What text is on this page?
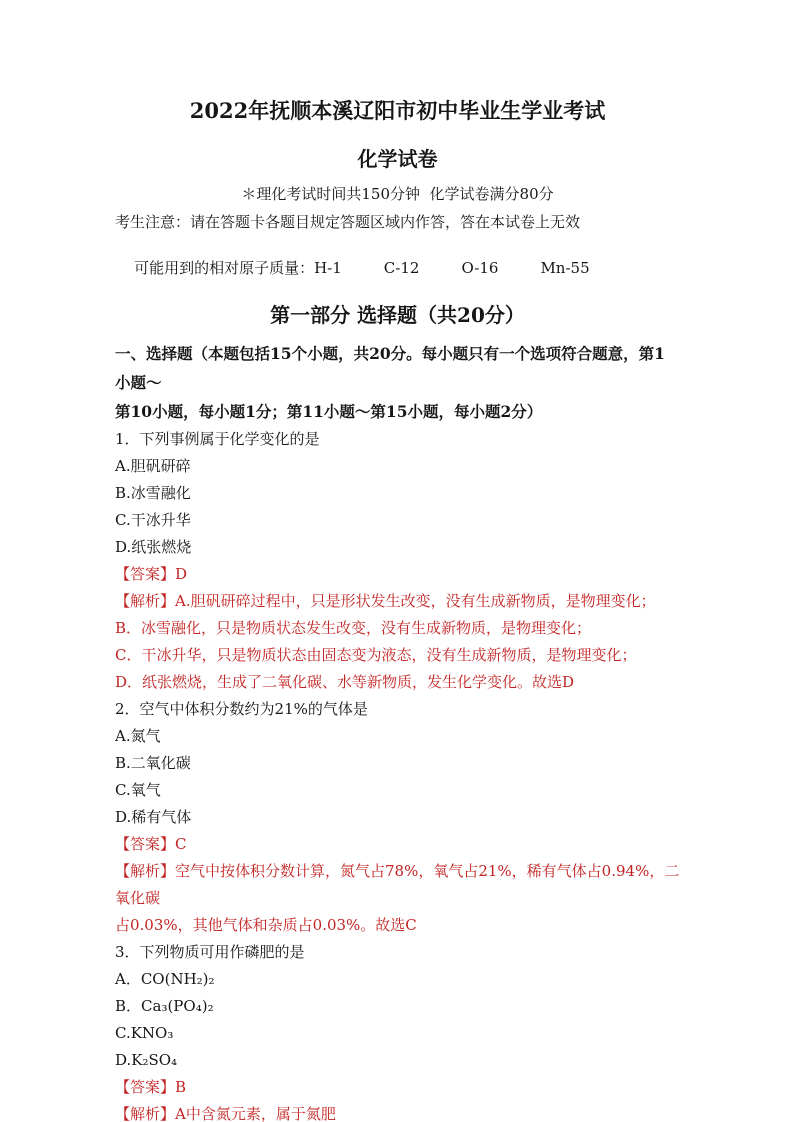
2022年抚顺本溪辽阳市初中毕业生学业考试
化学试卷
＊理化考试时间共150分钟  化学试卷满分80分
考生注意：请在答题卡各题目规定答题区域内作答，答在本试卷上无效

可能用到的相对原子质量：H-1	C-12	O-16	Mn-55

第一部分 选择题（共20分）
一、选择题（本题包括15个小题，共20分。每小题只有一个选项符合题意，第1小题～
第10小题，每小题1分；第11小题～第15小题，每小题2分）
1．下列事例属于化学变化的是
A.胆矾研碎
B.冰雪融化
C.干冰升华
D.纸张燃烧
【答案】D
【解析】A.胆矾研碎过程中，只是形状发生改变，没有生成新物质，是物理变化；
B．冰雪融化，只是物质状态发生改变，没有生成新物质，是物理变化；
C．干冰升华，只是物质状态由固态变为液态，没有生成新物质，是物理变化；
D．纸张燃烧，生成了二氧化碳、水等新物质，发生化学变化。故选D
2．空气中体积分数约为21%的气体是
A.氮气
B.二氧化碳
C.氧气
D.稀有气体
【答案】C
【解析】空气中按体积分数计算，氮气占78%，氧气占21%，稀有气体占0.94%，二氧化碳
占0.03%，其他气体和杂质占0.03%。故选C
3．下列物质可用作磷肥的是
A．CO(NH₂)₂
B．Ca₃(PO₄)₂
C.KNO₃
D.K₂SO₄
【答案】B
【解析】A中含氮元素，属于氮肥
